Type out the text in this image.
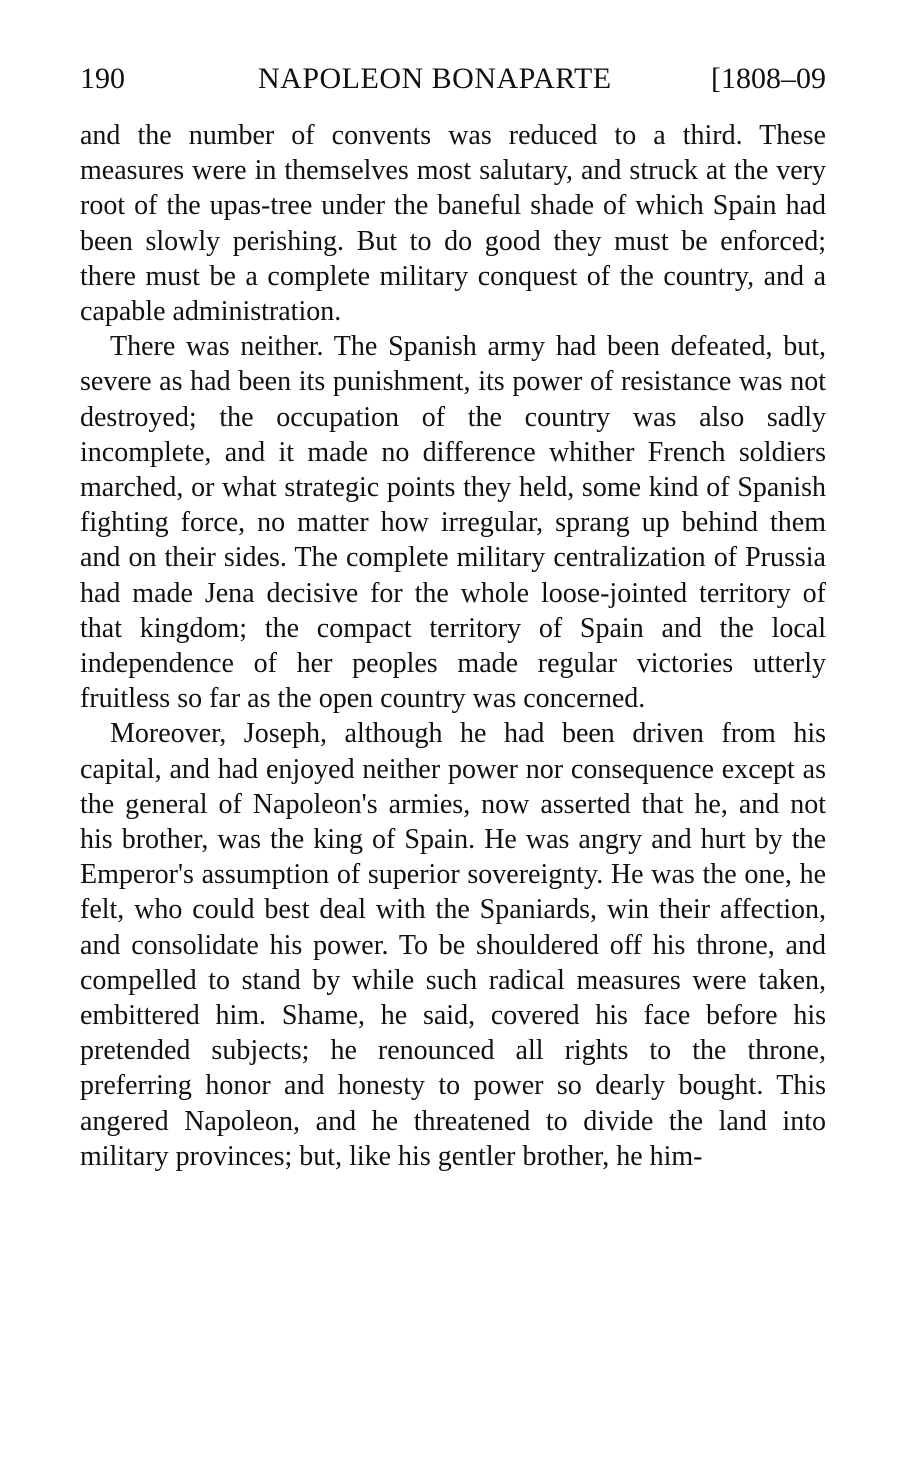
190	NAPOLEON BONAPARTE	[1808–09

and the number of convents was reduced to a third. These measures were in themselves most salutary, and struck at the very root of the upas-tree under the baneful shade of which Spain had been slowly perishing. But to do good they must be enforced; there must be a complete military conquest of the country, and a capable administration.

There was neither. The Spanish army had been defeated, but, severe as had been its punishment, its power of resistance was not destroyed; the occupation of the country was also sadly incomplete, and it made no difference whither French soldiers marched, or what strategic points they held, some kind of Spanish fighting force, no matter how irregular, sprang up behind them and on their sides. The complete military centralization of Prussia had made Jena decisive for the whole loose-jointed territory of that kingdom; the compact territory of Spain and the local independence of her peoples made regular victories utterly fruitless so far as the open country was concerned.

Moreover, Joseph, although he had been driven from his capital, and had enjoyed neither power nor consequence except as the general of Napoleon's armies, now asserted that he, and not his brother, was the king of Spain. He was angry and hurt by the Emperor's assumption of superior sovereignty. He was the one, he felt, who could best deal with the Spaniards, win their affection, and consolidate his power. To be shouldered off his throne, and compelled to stand by while such radical measures were taken, embittered him. Shame, he said, covered his face before his pretended subjects; he renounced all rights to the throne, preferring honor and honesty to power so dearly bought. This angered Napoleon, and he threatened to divide the land into military provinces; but, like his gentler brother, he him-
